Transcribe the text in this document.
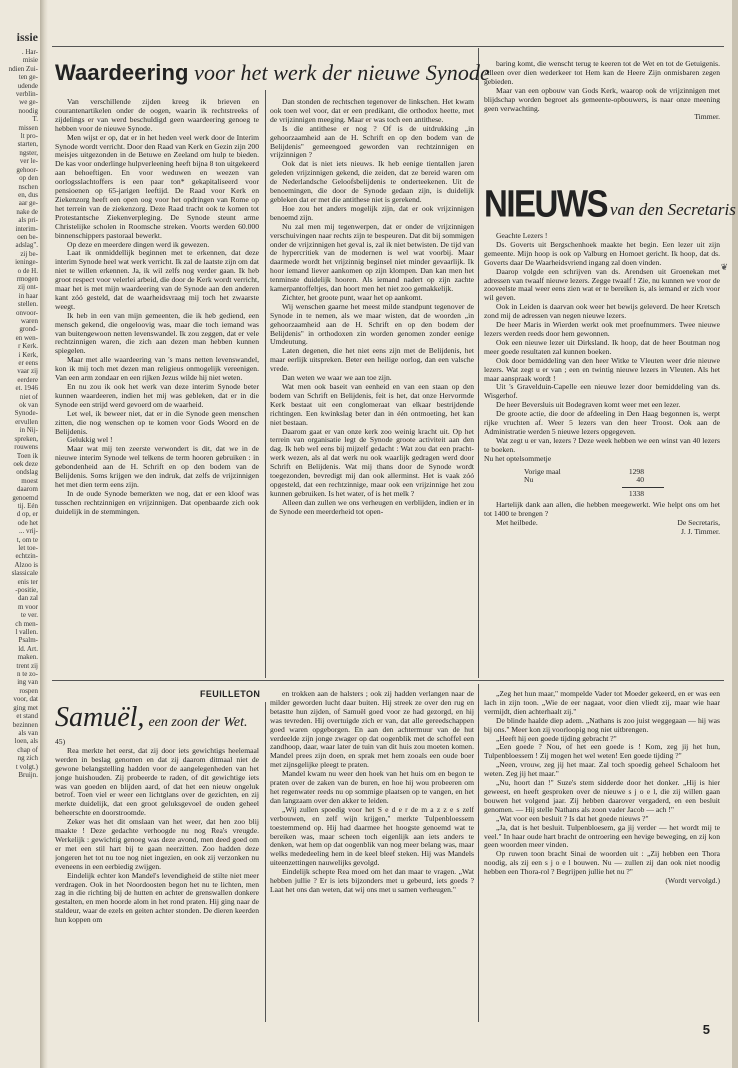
issie
. Har-
misie
ndien Zui-
ten ge-
udende
verblin-
we ge-
noodig
T.
missen
lt pro-
starten,
ngster,
ver le-
gehoor-
op den
nschen
en, dus
aar ge-
nake de
als pri-
interim-
oen be-
adslag".
zij be-
ieninge-
o de H.
rmogen
zij ont-
in haar
stellen.
onvoor-
waren
grond-
en wen-
r Kerk.
i Kerk,
er eens
vaar zij
eerdere
et. 1946
niet of
ok van
Synode-
ervullen
in Nij-
spreken,
rouwens
Toen ik
oek deze
ondslag
moest
daarom
genoemd
tij. Eén
d op, er
ode het
... vrij-
t, om te
let toe-
echtzin-
Alzoo is
slassicale
enis ter
-positie,
dan zal
m voor
te ver.
ch men-
l vallen.
Psalm-
ld. Art.
maken.
trent zij
n te zo-
ing van
rospen
voor, dat
ging met
et stand
bezinnen
als van
loen, als
chap of
ng zich
t volgt.)
Bruijn.
Waardeering voor het werk der nieuwe Synode

Van verschillende zijden kreeg ik brieven en courantenartikelen onder de oogen, waarin ik rechtstreeks of zijdelings er van werd beschuldigd geen waardeering genoeg te hebben voor de nieuwe Synode.

Men wijst er op, dat er in het heden veel werk door de Interim Synode wordt verricht. Door den Raad van Kerk en Gezin zijn 200 meisjes uitgezonden in de Betuwe en Zeeland om hulp te bieden. De kas voor onderlinge hulpverleening heeft bijna 8 ton uitgekeerd aan behoeftigen. En voor weduwen en weezen van oorlogsslachtoffers is een paar ton* gekapitaliseerd voor pensioenen op 65-jarigen leeftijd. De Raad voor Kerk en Ziekenzorg heeft een open oog voor het opdringen van Rome op het terrein van de ziekenzorg. Deze Raad tracht ook te komen tot Protestantsche Ziekenverpleging. De Synode steunt arme Christelijke scholen in Roomsche streken. Voorts werden 60.000 binnenschippers pastoraal bewerkt.

Op deze en meerdere dingen werd ik gewezen.

Laat ik onmiddellijk beginnen met te erkennen, dat deze interim Synode heel wat werk verricht. Ik zal de laatste zijn om dat niet te willen erkennen. Ja, ik wil zelfs nog verder gaan. Ik heb groot respect voor velerlei arbeid, die door de Kerk wordt verricht, maar het is met mijn waardeering van de Synode aan den anderen kant zóó gesteld, dat de waarheidsvraag mij toch het zwaarste weegt.

Ik heb in een van mijn gemeenten, die ik heb gediend, een mensch gekend, die ongeloovig was, maar die toch iemand was van buitengewoon netten levenswandel. Ik zou zeggen, dat er vele rechtzinnigen waren, die zich aan dezen man hebben kunnen spiegelen.

Maar met alle waardeering van 's mans netten levenswandel, kon ik mij toch met dezen man religieus onmogelijk vereenigen. Van een arm zondaar en een rijken Jezus wilde hij niet weten.

En nu zou ik ook het werk van deze interim Synode beter kunnen waardeeren, indien het mij was gebleken, dat er in die Synode een strijd werd gevoerd om de waarheid.

Let wel, ik beweer niet, dat er in die Synode geen menschen zitten, die nog wenschen op te komen voor Gods Woord en de Belijdenis.

Gelukkig wel !

Maar wat mij ten zeerste verwondert is dit, dat we in de nieuwe interim Synode wel telkens de term hooren gebruiken : in gebondenheid aan de H. Schrift en op den bodem van de Belijdenis. Soms krijgen we den indruk, dat zelfs de vrijzinnigen het met dien term eens zijn.

In de oude Synode bemerkten we nog, dat er een kloof was tusschen rechtzinnigen en vrijzinnigen. Dat openbaarde zich ook duidelijk in de stemmingen.

Dan stonden de rechtschen tegenover de linkschen. Het kwam ook toen wel voor, dat er een predikant, die orthodox heette, met de vrijzinnigen meeging. Maar er was toch een antithese.

Is die antithese er nog ? Of is de uitdrukking „in gehoorzaamheid aan de H. Schrift en op den bodem van de Belijdenis" gemeengoed geworden van rechtzinnigen en vrijzinnigen ?

Ook dat is niet iets nieuws. Ik heb eenige tientallen jaren geleden vrijzinnigen gekend, die zeiden, dat ze bereid waren om de Nederlandsche Geloofsbelijdenis te onderteekenen. Uit de benoemingen, die door de Synode gedaan zijn, is duidelijk gebleken dat er met die antithese niet is gerekend.

Hoe zou het anders mogelijk zijn, dat er ook vrijzinnigen benoemd zijn.

Nu zal men mij tegenwerpen, dat er onder de vrijzinnigen verschuivingen naar rechts zijn te bespeuren. Dat dit bij sommigen onder de vrijzinnigen het geval is, zal ik niet betwisten. De tijd van de hypercritiek van de modernen is wel wat voorbij. Maar daarmede wordt het vrijzinnig beginsel niet minder gevaarlijk. Ik hoor iemand liever aankomen op zijn klompen. Dan kan men het tenminste duidelijk hooren. Als iemand nadert op zijn zachte kamerpantoffeltjes, dan hoort men het niet zoo gemakkelijk.

Zichter, het groote punt, waar het op aankomt.

Wij wenschen gaarne het meest milde standpunt tegenover de Synode in te nemen, als we maar wisten, dat de woorden „in gehoorzaamheid aan de H. Schrift en op den bodem der Belijdenis" in orthodoxen zin worden genomen zonder eenige Umdeutung.

Laten degenen, die het niet eens zijn met de Belijdenis, het maar eerlijk uitspreken. Beter een heilige oorlog, dan een valsche vrede.

Dan weten we waar we aan toe zijn.

Wat men ook baseit van eenheid en van een staan op den bodem van Schrift en Belijdenis, feit is het, dat onze Hervormde Kerk bestaat uit een conglomeraat van elkaar bestrijdende richtingen. Een kwinkslag beter dan in één ontmoeting, het kan niet bestaan.

Daarom gaat er van onze kerk zoo weinig kracht uit. Op het terrein van organisatie legt de Synode groote activiteit aan den dag. Ik heb weI eens bij mijzelf gedacht : Wat zou dat een pracht-werk wezen, als al dat werk nu ook waarlijk gedragen werd door Schrift en Belijdenis. Wat mij thans door de Synode wordt toegezonden, bevredigt mij dan ook allerminst. Het is vaak zóó opgesteld, dat een rechtzinnige, maar ook een vrijzinnige het zou kunnen gebruiken. Is het water, of is het melk ?

Alleen dan zullen we ons verheugen en verblijden, indien er in de Synode een meerderheid tot open-

baring komt, die wenscht terug te keeren tot de Wet en tot de Getuigenis. Alleen over dien wederkeer tot Hem kan de Heere Zijn onmisbaren zegen gebieden.

Maar van een opbouw van Gods Kerk, waarop ook de vrijzinnigen met blijdschap worden begroet als gemeente-opbouwers, is naar onze meening geen verwachting.

Timmer.
NIEUWS van den Secretaris

Geachte Lezers !

Ds. Goverts uit Bergschenhoek maakte het begin. Een lezer uit zijn gemeente. Mijn hoop is ook op Valburg en Homoet gericht. Ik hoop, dat ds. Goverts daar De Waarheidsvriend ingang zal doen vinden.

Daarop volgde een schrijven van ds. Arendsen uit Groenekan met adressen van twaalf nieuwe lezers. Zegge twaalf ! Zie, nu kunnen we voor de zooveelste maal weer eens zien wat er te bereiken is, als iemand er zich voor wil geven.

Ook in Leiden is daarvan ook weer het bewijs geleverd. De heer Kretsch zond mij de adressen van negen nieuwe lezers.

De heer Maris in Wierden werkt ook met proefnummers. Twee nieuwe lezers werden reeds door hem gewonnen.

Ook een nieuwe lezer uit Dirksland. Ik hoop, dat de heer Boutman nog meer goede resultaten zal kunnen boeken.

Ook door bemiddeling van den heer Witke te Vleuten weer drie nieuwe lezers. Wat zegt u er van ; een en twintig nieuwe lezers in Vleuten. Als het maar aanspraak wordt !

Uit 's Gravelduin-Capelle een nieuwe lezer door bemiddeling van ds. Wisgerhof.

De heer Beversluis uit Bodegraven komt weer met een lezer.

De groote actie, die door de afdeeling in Den Haag begonnen is, werpt rijke vruchten af. Weer 5 lezers van den heer Troost. Ook aan de Administratie werden 5 nieuwe lezers opgegeven.

Wat zegt u er van, lezers ? Deze week hebben we een winst van 40 lezers te boeken.

Nu het optelsommetje

Vorige maal	1298
Nu	40
1338

Hartelijk dank aan allen, die hebben meegewerkt. Wie helpt ons om het tot 1400 te brengen ?

Met heilbede.	De Secretaris,
J. J. Timmer.
❦
FEUILLETON
Samuël, een zoon der Wet.

45)

Rea merkte het eerst, dat zij door iets gewichtigs heelemaal werden in beslag genomen en dat zij daarom ditmaal niet de gewone belangstelling hadden voor de aangelegenheden van het jonge huishouden. Zij probeerde te raden, of dit gewichtige iets was van goeden en blijden aard, of dat het een nieuw ongeluk betrof. Toen viel er weer een lichtglans over de gezichten, en zij merkte duidelijk, dat een groot geluksgevoel de ouden geheel beheerschte en doorstroomde.

Zeker was het dit omslaan van het weer, dat hen zoo blij maakte ! Deze gedachte verhoogde nu nog Rea's vreugde. Werkelijk : gewichtig genoeg was deze avond, men deed goed om er met een stil hart bij te gaan neerzitten. Zoo hadden deze jongeren het tot nu toe nog niet ingezien, en ook zij verzonken nu eveneens in een eerbiedig zwijgen.

Eindelijk echter kon Mandel's levendigheid de stilte niet meer verdragen. Ook in het Noordoosten begon het nu te lichten, men zag in die richting bij de hutten en achter de grenswallen donkere gestalten, en men hoorde alom in het rond praten. Hij ging naar de staldeur, waar de ezels en geiten achter stonden. De dieren keerden hun koppen om

en trokken aan de halsters ; ook zij hadden verlangen naar de milder geworden lucht daar buiten. Hij streek ze over den rug en betastte hun zijden, of Samuël goed voor ze had gezorgd, en hij was tevreden. Hij overtuigde zich er van, dat alle gereedschappen goed waren opgeborgen. En aan den achtermuur van de hut verdeelde zijn jonge zwager op dat oogenblik met de schoffel een zandhoop, daar, waar later de tuin van dit huis zou moeten komen. Mandel prees zijn doen, en sprak met hem zooals een oude boer met zijnsgelijke pleegt te praten.

Mandel kwam nu weer den hoek van het huis om en begon te praten over de zaken van de buren, en hoe hij wou probeeren om het regenwater reeds nu op sommige plaatsen op te vangen, en het dan langzaam over den akker te leiden.

„Wij zullen spoedig voor het S e d e r de m a z z e s zelf verbouwen, en zelf wijn krijgen," merkte Tulpenbloessem toestemmend op. Hij had daarmee het hoogste genoemd wat te bereiken was, maar scheen toch eigenlijk aan iets anders te denken, wat hem op dat oogenblik van nog meer belang was, maar welks mededeeling hem in de keel bleef steken. Hij was Mandels uiteenzettingen nauwelijks gevolgd.

Eindelijk schepte Rea moed om het dan maar te vragen. „Wat hebben jullie ? Er is iets bijzonders met u gebeurd, iets goeds ? Laat het ons dan weten, dat wij ons met u samen verheugen."

„Zeg het hun maar," mompelde Vader tot Moeder gekeerd, en er was een lach in zijn toon. „Wie de eer nagaat, voor dien vliedt zij, maar wie haar vermijdt, dien achterhaalt zij."

De blinde haalde diep adem. „Nathans is zoo juist weggegaan — hij was bij ons." Meer kon zij voorloopig nog niet uitbrengen.

„Heeft hij een goede tijding gebracht ?"

„Een goede ? Nou, of het een goede is ! Kom, zeg jij het hun, Tulpenbloessem ! Zij mogen het wel weten! Een goede tijding ?"

„Neen, vrouw, zeg jij het maar. Zal toch spoedig geheel Schaloom het weten. Zeg jij het maar."

„Nu, hoort dan !" Suze's stem sidderde door het donker. „Hij is hier geweest, en heeft gesproken over de nieuwe s j o e l, die zij willen gaan bouwen het volgend jaar. Zij hebben daarover vergaderd, en een besluit genomen. — Hij stelle Nathans als zoon vader Jacob — ach !"

„Wat voor een besluit ? Is dat het goede nieuws ?"

„Ja, dat is het besluit. Tulpenbloesem, ga jij verder — het wordt mij te veel." In haar oude hart bracht de ontroering een hevige beweging, en zij kon geen woorden meer vinden.

Op ruwen toon bracht Sinai de woorden uit : „Zij hebben een Thora noodig, als zij een s j o e l bouwen. Nu — zullen zij dan ook niet noodig hebben een Thora-rol ? Begrijpen jullie het nu ?"

(Wordt vervolgd.)
5
